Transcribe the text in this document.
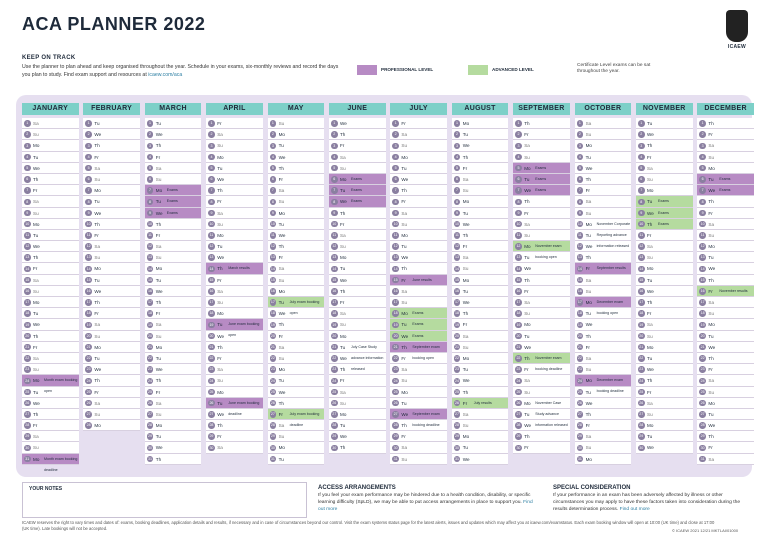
ACA PLANNER 2022
ICAEW
KEEP ON TRACK
Use the planner to plan ahead and keep organised throughout the year. Schedule in your exams, six-monthly reviews and record the days you plan to study. Find exam support and resources at icaew.com/aca
PROFESSIONAL LEVEL	ADVANCED LEVEL
Certificate Level exams can be sat throughout the year.
JANUARY
1	Sa
2	Su
3	Mo
4	Tu
5	We
6	Th
7	Fr
8	Sa
9	Su
10 Mo
11 Tu
12 We
13 Th
14 Fr
15 Sa
16 Su
17 Mo
18 Tu
19 We
20 Th
21 Fr
22 Sa
23 Su
24 Mo Month exam booking open
25 Tu
26 We
27 Th
28 Fr
29 Sa
30 Su
31 Mo Month exam booking deadline
FEBRUARY
1	Tu
2	We
3	Th
4	Fr
5	Sa
6	Su
7	Mo
8	Tu
9	We
10 Th
11 Fr
12 Sa
13 Su
14 Mo
15 Tu
16 We
17 Th
18 Fr
19 Sa
20 Su
21 Mo
22 Tu
23 We
24 Th
25 Fr
26 Sa
27 Su
28 Mo
MARCH
1	Tu
2	We
3	Th
4	Fr
5	Sa
6	Su
7	Mo Exams
8	Tu Exams
9	We Exams
10 Th
11 Fr
12 Sa
13 Su
14 Mo
15 Tu
16 We
17 Th
18 Fr
19 Sa
20 Su
21 Mo
22 Tu
23 We
24 Th
25 Fr
26 Sa
27 Su
28 Mo
29 Tu
30 We
31 Th
APRIL
1	Fr
2	Sa
3	Su
4	Mo
5	Tu
6	We
7	Th
8	Fr
9	Sa
10 Su
11 Mo
12 Tu
13 We
14 Th March results
15 Fr
16 Sa
17 Su
18 Mo
19 Tu June exam booking open
20 We
21 Th
22 Fr
23 Sa
24 Su
25 Mo
26 Tu June exam booking deadline
27 We
28 Th
29 Fr
30 Sa
MAY
1	Su
2	Mo
3	Tu
4	We
5	Th
6	Fr
7	Sa
8	Su
9	Mo
10 Tu
11 We
12 Th
13 Fr
14 Sa
15 Su
16 Mo
17 Tu July exam booking open
18 We
19 Th
20 Fr
21 Sa
22 Su
23 Mo
24 Tu
25 We
26 Th
27 Fr July exam booking deadline
28 Sa
29 Su
30 Mo
31 Tu
JUNE
1	We
2	Th
3	Fr
4	Sa
5	Su
6	Mo Exams
7	Tu Exams
8	We Exams
9	Th
10 Fr
11 Sa
12 Su
13 Mo
14 Tu
15 We
16 Th
17 Fr
18 Sa
19 Su
20 Mo
21 Tu July Case Study advance information released
22 We
23 Th
24 Fr
25 Sa
26 Su
27 Mo
28 Tu
29 We
30 Th
JULY
1	Fr
2	Sa
3	Su
4	Mo
5	Tu
6	We
7	Th
8	Fr
9	Sa
10 Su
11 Mo
12 Tu
13 We
14 Th
15 Fr June results
16 Sa
17 Su
18 Mo Exams
19 Tu Exams
20 We Exams
21 Th September exam booking open
22 Fr
23 Sa
24 Su
25 Mo
26 Tu
27 We September exam booking deadline
28 Th
29 Fr
30 Sa
31 Su
AUGUST
1	Mo
2	Tu
3	We
4	Th
5	Fr
6	Sa
7	Su
8	Mo
9	Tu
10 We
11 Th
12 Fr
13 Sa
14 Su
15 Mo
16 Tu
17 We
18 Th
19 Fr
20 Sa
21 Su
22 Mo
23 Tu
24 We
25 Th
26 Fr July results
27 Sa
28 Su
29 Mo
30 Tu
31 We
SEPTEMBER
1	Th
2	Fr
3	Sa
4	Su
5	Mo Exams
6	Tu Exams
7	We Exams
8	Th
9	Fr
10 Sa
11 Su
12 Mo November exam booking open
13 Tu
14 We
15 Th
16 Fr
17 Sa
18 Su
19 Mo
20 Tu
21 We
22 Th November exam booking deadline
23 Fr
24 Sa
25 Su
26 Mo November Case Study advance information released
27 Tu
28 We
29 Th
30 Fr
OCTOBER
1	Sa
2	Su
3	Mo
4	Tu
5	We
6	Th
7	Fr
8	Sa
9	Su
10 Mo November Corporate Reporting advance information released
11 Tu
12 We
13 Th
14 Fr September results
15 Sa
16 Su
17 Mo December exam booking open
18 Tu
19 We
20 Th
21 Fr
22 Sa
23 Su
24 Mo December exam booking deadline
25 Tu
26 We
27 Th
28 Fr
29 Sa
30 Su
31 Mo
NOVEMBER
1	Tu
2	We
3	Th
4	Fr
5	Sa
6	Su
7	Mo
8	Tu Exams
9	We Exams
10 Th Exams
11 Fr
12 Sa
13 Su
14 Mo
15 Tu
16 We
17 Th
18 Fr
19 Sa
20 Su
21 Mo
22 Tu
23 We
24 Th
25 Fr
26 Sa
27 Su
28 Mo
29 Tu
30 We
DECEMBER
1	Th
2	Fr
3	Sa
4	Su
5	Mo
6	Tu Exams
7	We Exams
8	Th
9	Fr
10 Sa
11 Su
12 Mo
13 Tu
14 We
15 Th
16 Fr November results
17 Sa
18 Su
19 Mo
20 Tu
21 We
22 Th
23 Fr
24 Sa
25 Su
26 Mo
27 Tu
28 We
29 Th
30 Fr
31 Sa
YOUR NOTES	ACCESS ARRANGEMENTS
If you feel your exam performance may be hindered due to a health condition, disability, or specific learning difficulty (SpLD), we may be able to put access arrangements in place to support you. Find out more
SPECIAL CONSIDERATION
If your performance in an exam has been adversely affected by illness or other circumstances you may apply to have these factors taken into consideration during the results determination process. Find out more
ICAEW reserves the right to vary times and dates of: exams, booking deadlines, application details and results, if necessary and in case of circumstances beyond our control. Visit the exam systems status page for the latest alerts, issues and updates which may affect you at icaew.com/examstatus. Each exam booking window will open at 10:00 (UK time) and close at 17:00 (UK time). Late bookings will not be accepted.	© ICAEW 2021 12/21 MKTLAI/01000
